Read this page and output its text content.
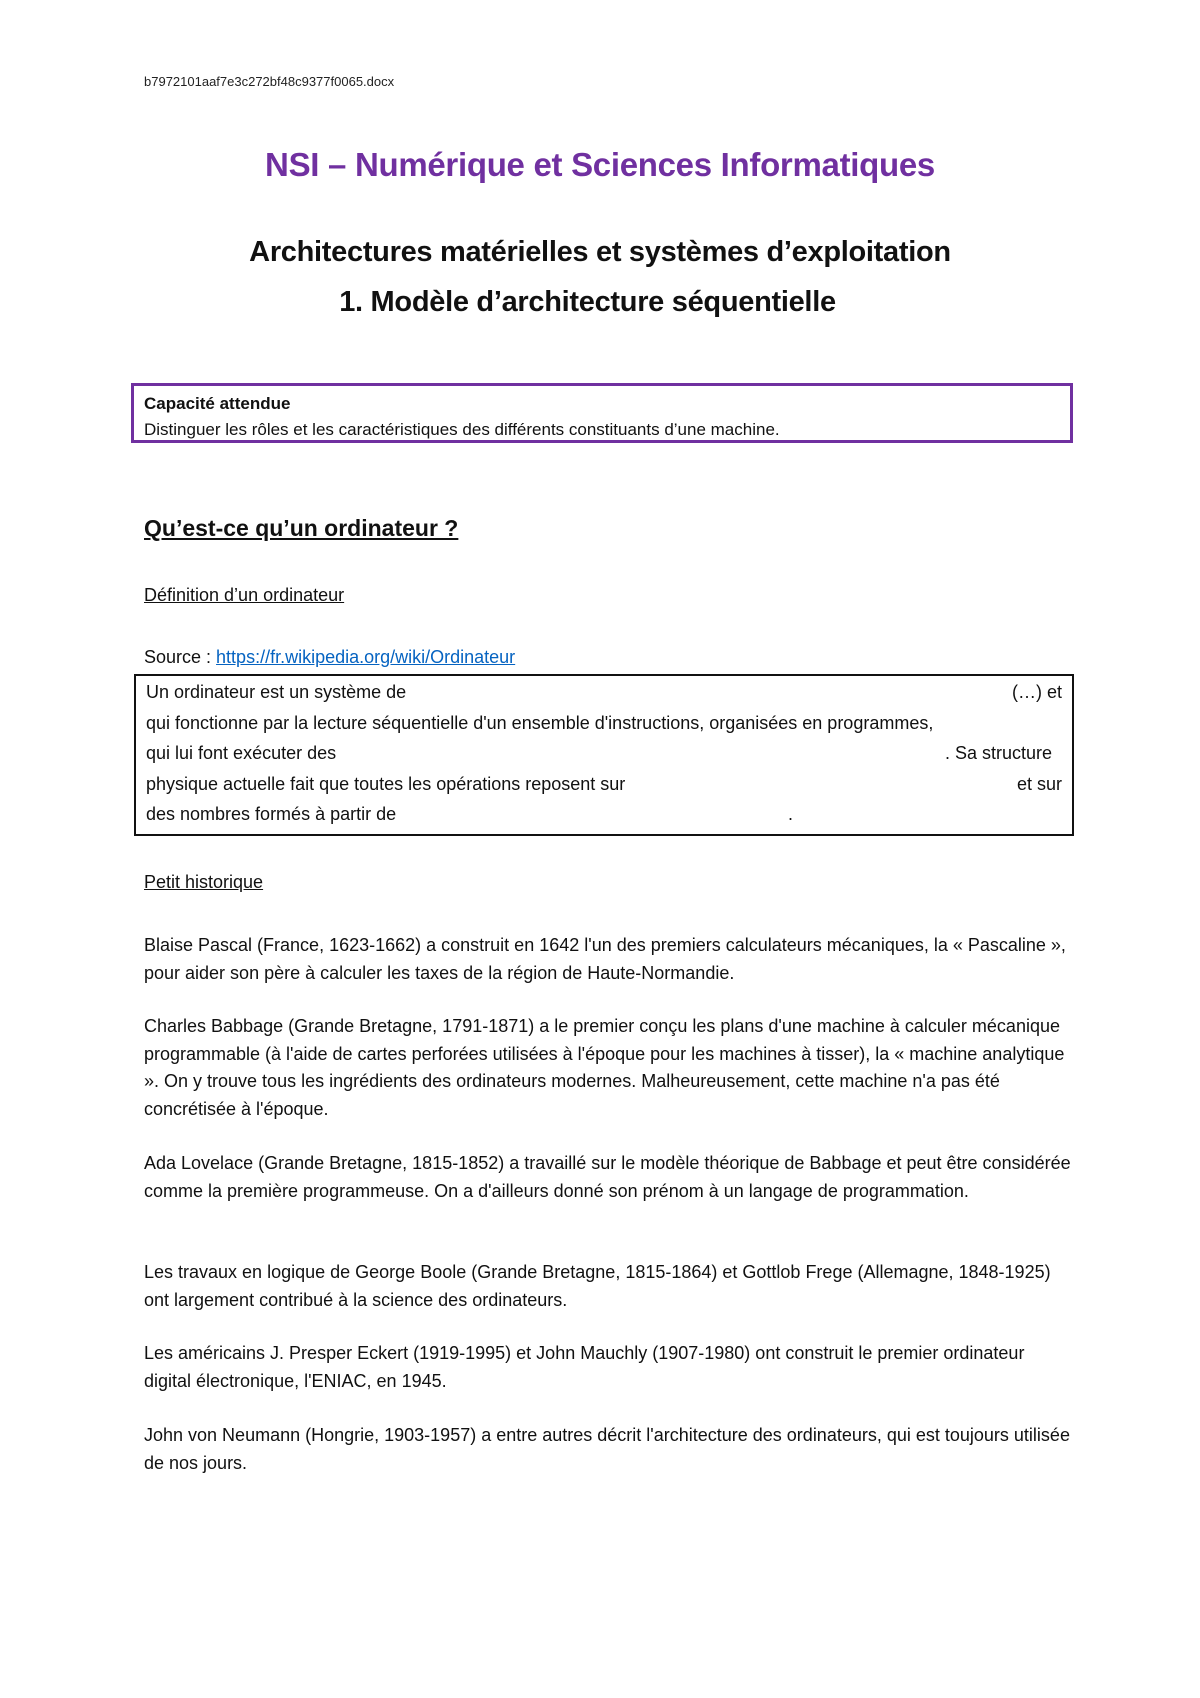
b7972101aaf7e3c272bf48c9377f0065.docx
NSI – Numérique et Sciences Informatiques
Architectures matérielles et systèmes d’exploitation
1. Modèle d’architecture séquentielle
Capacité attendue
Distinguer les rôles et les caractéristiques des différents constituants d’une machine.
Qu’est-ce qu’un ordinateur ?
Définition d’un ordinateur
Source : https://fr.wikipedia.org/wiki/Ordinateur
Un ordinateur est un système de	(…) et
qui fonctionne par la lecture séquentielle d'un ensemble d'instructions, organisées en programmes,
qui lui font exécuter des	. Sa structure
physique actuelle fait que toutes les opérations reposent sur	et sur
des nombres formés à partir de	.
Petit historique
Blaise Pascal (France, 1623-1662) a construit en 1642 l'un des premiers calculateurs mécaniques, la « Pascaline », pour aider son père à calculer les taxes de la région de Haute-Normandie.
Charles Babbage (Grande Bretagne, 1791-1871) a le premier conçu les plans d'une machine à calculer mécanique programmable (à l'aide de cartes perforées utilisées à l'époque pour les machines à tisser), la « machine analytique ». On y trouve tous les ingrédients des ordinateurs modernes. Malheureusement, cette machine n'a pas été concrétisée à l'époque.
Ada Lovelace (Grande Bretagne, 1815-1852) a travaillé sur le modèle théorique de Babbage et peut être considérée comme la première programmeuse. On a d'ailleurs donné son prénom à un langage de programmation.
Les travaux en logique de George Boole (Grande Bretagne, 1815-1864) et Gottlob Frege (Allemagne, 1848-1925) ont largement contribué à la science des ordinateurs.
Les américains J. Presper Eckert (1919-1995) et John Mauchly (1907-1980) ont construit le premier ordinateur digital électronique, l'ENIAC, en 1945.
John von Neumann (Hongrie, 1903-1957) a entre autres décrit l'architecture des ordinateurs, qui est toujours utilisée de nos jours.
